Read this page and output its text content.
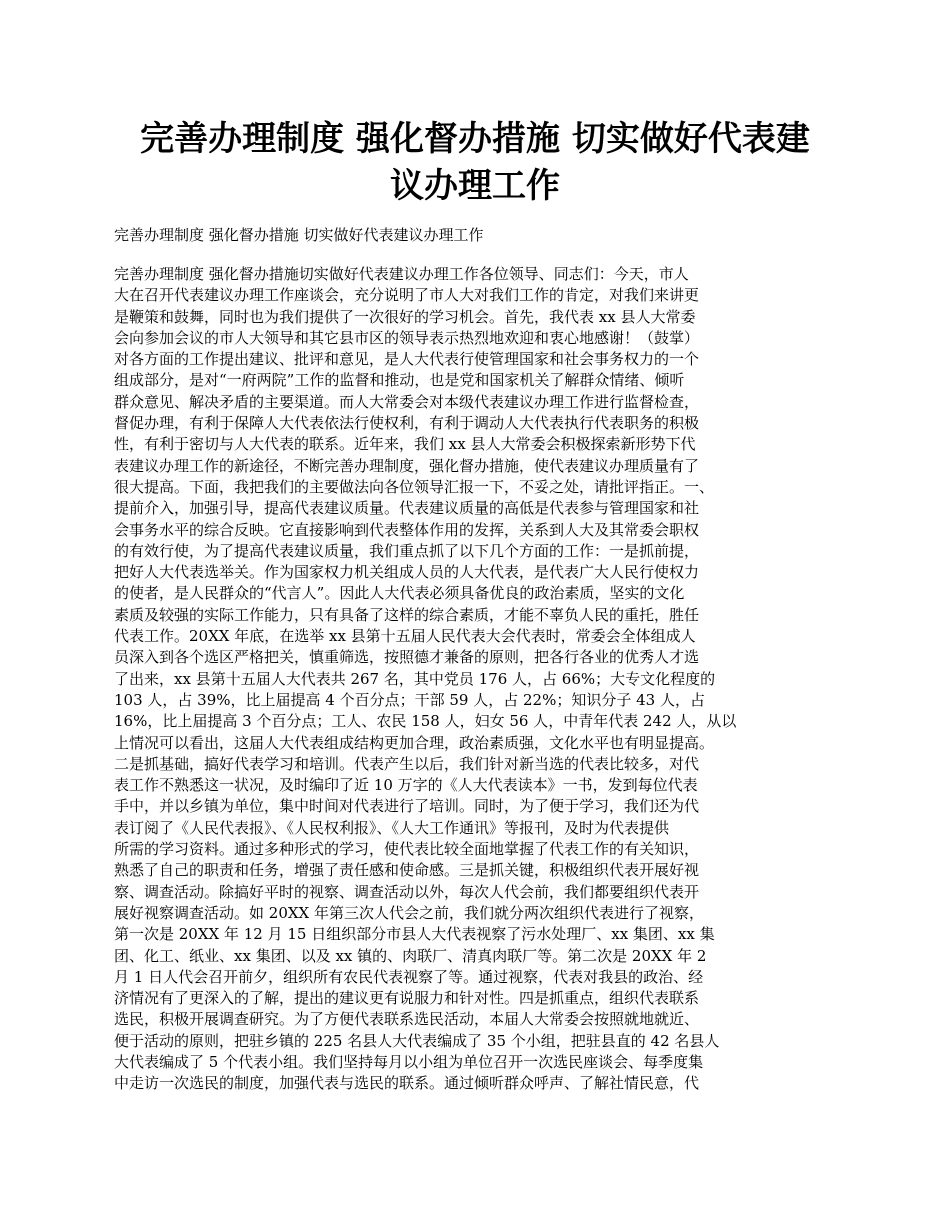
完善办理制度 强化督办措施 切实做好代表建
议办理工作
完善办理制度 强化督办措施 切实做好代表建议办理工作
完善办理制度 强化督办措施切实做好代表建议办理工作各位领导、同志们：今天，市人
大在召开代表建议办理工作座谈会，充分说明了市人大对我们工作的肯定，对我们来讲更
是鞭策和鼓舞，同时也为我们提供了一次很好的学习机会。首先，我代表 xx 县人大常委
会向参加会议的市人大领导和其它县市区的领导表示热烈地欢迎和衷心地感谢！（鼓掌）
对各方面的工作提出建议、批评和意见，是人大代表行使管理国家和社会事务权力的一个
组成部分，是对“一府两院”工作的监督和推动，也是党和国家机关了解群众情绪、倾听
群众意见、解决矛盾的主要渠道。而人大常委会对本级代表建议办理工作进行监督检查，
督促办理，有利于保障人大代表依法行使权利，有利于调动人大代表执行代表职务的积极
性，有利于密切与人大代表的联系。近年来，我们 xx 县人大常委会积极探索新形势下代
表建议办理工作的新途径，不断完善办理制度，强化督办措施，使代表建议办理质量有了
很大提高。下面，我把我们的主要做法向各位领导汇报一下，不妥之处，请批评指正。一、
提前介入，加强引导，提高代表建议质量。代表建议质量的高低是代表参与管理国家和社
会事务水平的综合反映。它直接影响到代表整体作用的发挥，关系到人大及其常委会职权
的有效行使，为了提高代表建议质量，我们重点抓了以下几个方面的工作：一是抓前提，
把好人大代表选举关。作为国家权力机关组成人员的人大代表，是代表广大人民行使权力
的使者，是人民群众的“代言人”。因此人大代表必须具备优良的政治素质，坚实的文化
素质及较强的实际工作能力，只有具备了这样的综合素质，才能不辜负人民的重托，胜任
代表工作。20XX 年底，在选举 xx 县第十五届人民代表大会代表时，常委会全体组成人
员深入到各个选区严格把关，慎重筛选，按照德才兼备的原则，把各行各业的优秀人才选
了出来，xx 县第十五届人大代表共 267 名，其中党员 176 人，占 66%；大专文化程度的
103 人，占 39%，比上届提高 4 个百分点；干部 59 人，占 22%；知识分子 43 人，占
16%，比上届提高 3 个百分点；工人、农民 158 人，妇女 56 人，中青年代表 242 人，从以
上情况可以看出，这届人大代表组成结构更加合理，政治素质强，文化水平也有明显提高。
二是抓基础，搞好代表学习和培训。代表产生以后，我们针对新当选的代表比较多，对代
表工作不熟悉这一状况，及时编印了近 10 万字的《人大代表读本》一书，发到每位代表
手中，并以乡镇为单位，集中时间对代表进行了培训。同时，为了便于学习，我们还为代
表订阅了《人民代表报》、《人民权利报》、《人大工作通讯》等报刊，及时为代表提供
所需的学习资料。通过多种形式的学习，使代表比较全面地掌握了代表工作的有关知识，
熟悉了自己的职责和任务，增强了责任感和使命感。三是抓关键，积极组织代表开展好视
察、调查活动。除搞好平时的视察、调查活动以外，每次人代会前，我们都要组织代表开
展好视察调查活动。如 20XX 年第三次人代会之前，我们就分两次组织代表进行了视察，
第一次是 20XX 年 12 月 15 日组织部分市县人大代表视察了污水处理厂、xx 集团、xx 集
团、化工、纸业、xx 集团、以及 xx 镇的、肉联厂、清真肉联厂等。第二次是 20XX 年 2
月 1 日人代会召开前夕，组织所有农民代表视察了等。通过视察，代表对我县的政治、经
济情况有了更深入的了解，提出的建议更有说服力和针对性。四是抓重点，组织代表联系
选民，积极开展调查研究。为了方便代表联系选民活动，本届人大常委会按照就地就近、
便于活动的原则，把驻乡镇的 225 名县人大代表编成了 35 个小组，把驻县直的 42 名县人
大代表编成了 5 个代表小组。我们坚持每月以小组为单位召开一次选民座谈会、每季度集
中走访一次选民的制度，加强代表与选民的联系。通过倾听群众呼声、了解社情民意，代
